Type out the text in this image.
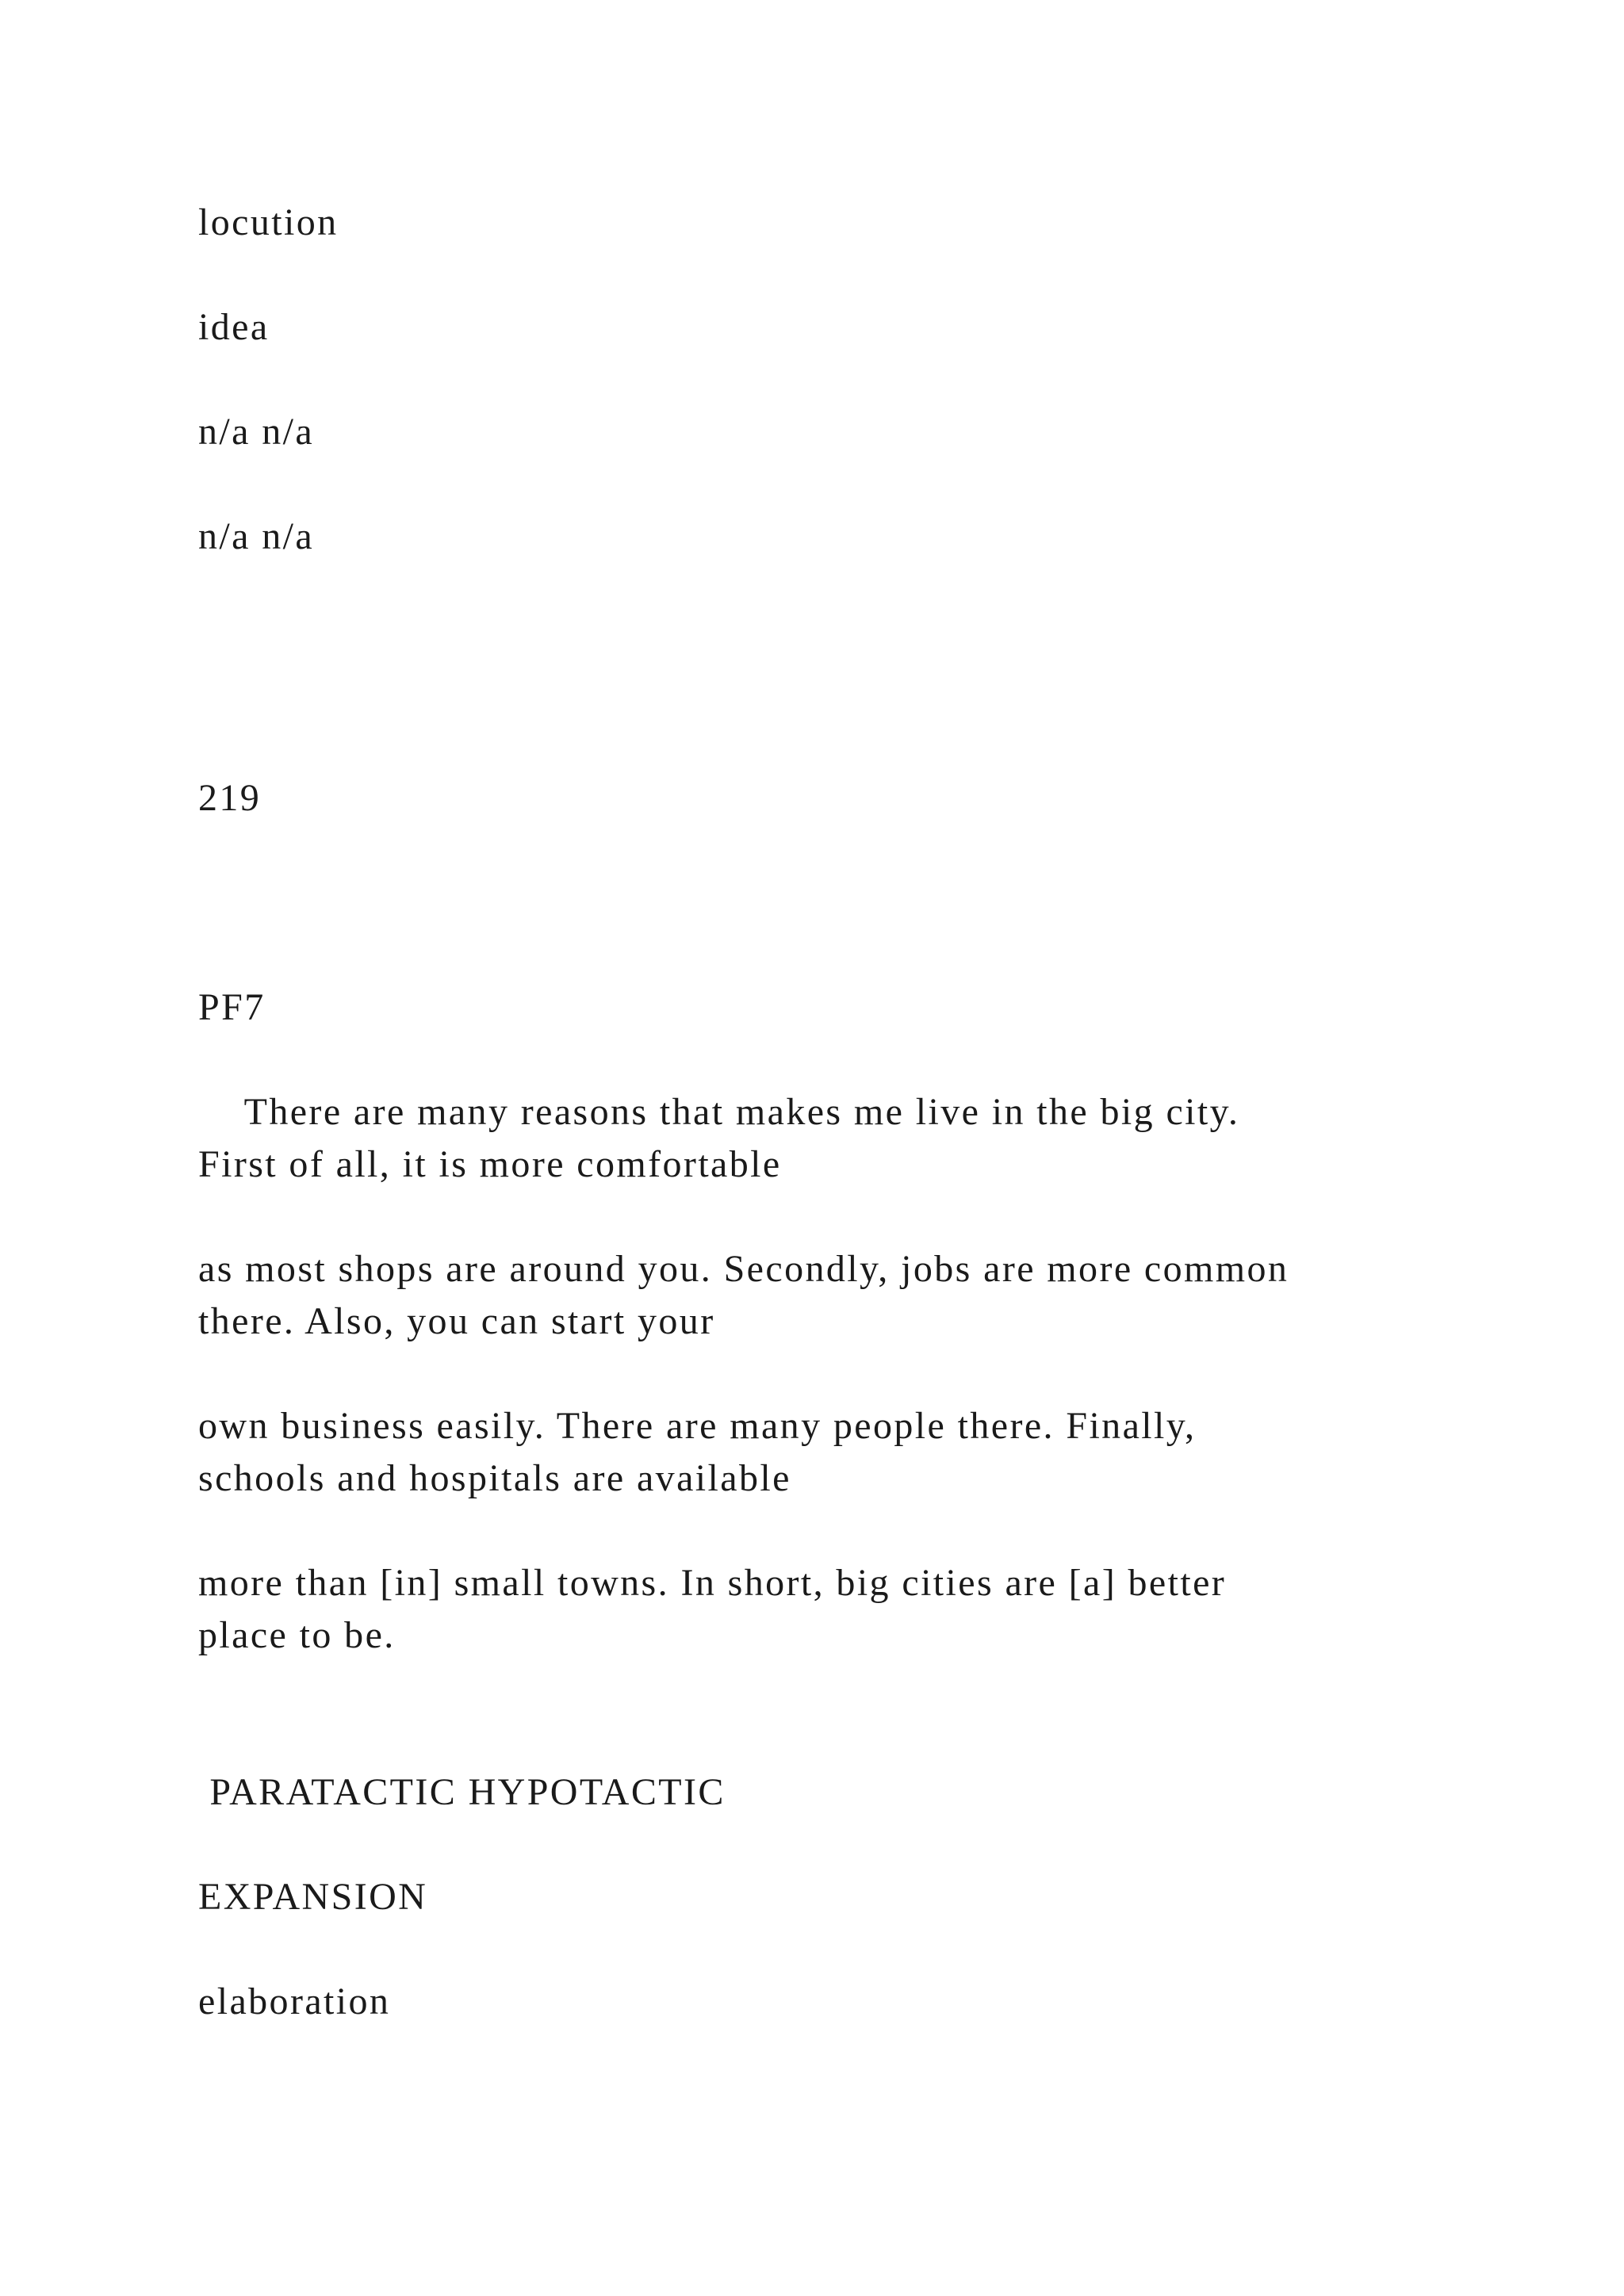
locution

idea

n/a n/a

n/a n/a

219

PF7

There are many reasons that makes me live in the big city.
First of all, it is more comfortable

as most shops are around you. Secondly, jobs are more common
there. Also, you can start your

own business easily. There are many people there. Finally,
schools and hospitals are available

more than [in] small towns. In short, big cities are [a] better
place to be.

PARATACTIC HYPOTACTIC

EXPANSION

elaboration
